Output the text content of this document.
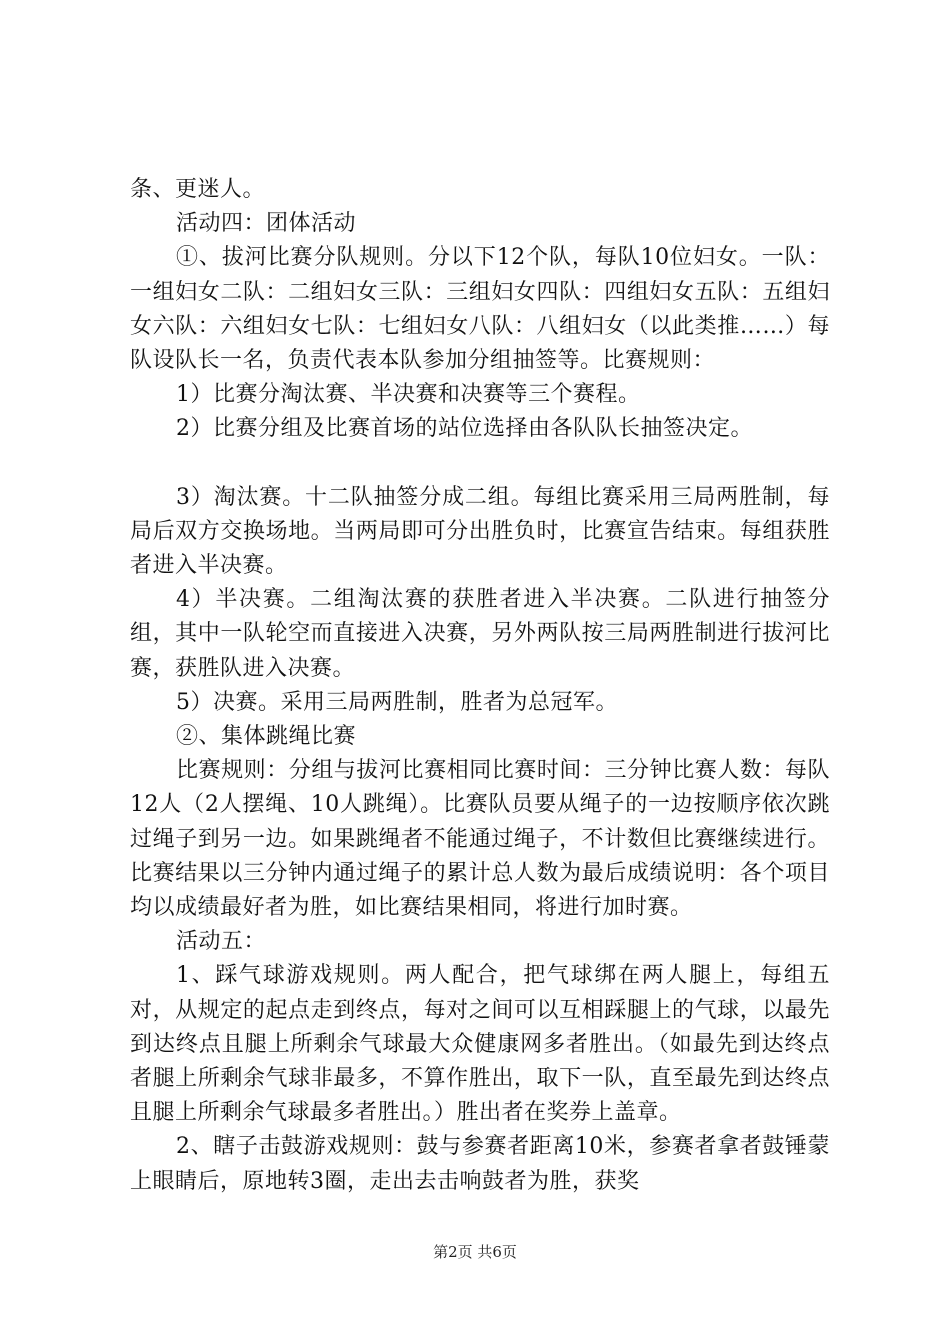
条、更迷人。

活动四：团体活动

①、拔河比赛分队规则。分以下12个队，每队10位妇女。一队：一组妇女二队：二组妇女三队：三组妇女四队：四组妇女五队：五组妇女六队：六组妇女七队：七组妇女八队：八组妇女（以此类推……）每队设队长一名，负责代表本队参加分组抽签等。比赛规则：

1）比赛分淘汰赛、半决赛和决赛等三个赛程。

2）比赛分组及比赛首场的站位选择由各队队长抽签决定。

3）淘汰赛。十二队抽签分成二组。每组比赛采用三局两胜制，每局后双方交换场地。当两局即可分出胜负时，比赛宣告结束。每组获胜者进入半决赛。

4）半决赛。二组淘汰赛的获胜者进入半决赛。二队进行抽签分组，其中一队轮空而直接进入决赛，另外两队按三局两胜制进行拔河比赛，获胜队进入决赛。

5）决赛。采用三局两胜制，胜者为总冠军。

②、集体跳绳比赛

比赛规则：分组与拔河比赛相同比赛时间：三分钟比赛人数：每队12人（2人摆绳、10人跳绳）。比赛队员要从绳子的一边按顺序依次跳过绳子到另一边。如果跳绳者不能通过绳子，不计数但比赛继续进行。比赛结果以三分钟内通过绳子的累计总人数为最后成绩说明：各个项目均以成绩最好者为胜，如比赛结果相同，将进行加时赛。

活动五：

1、踩气球游戏规则。两人配合，把气球绑在两人腿上，每组五对，从规定的起点走到终点，每对之间可以互相踩腿上的气球，以最先到达终点且腿上所剩余气球最大众健康网多者胜出。（如最先到达终点者腿上所剩余气球非最多，不算作胜出，取下一队，直至最先到达终点且腿上所剩余气球最多者胜出。）胜出者在奖券上盖章。

2、瞎子击鼓游戏规则：鼓与参赛者距离10米，参赛者拿者鼓锤蒙上眼睛后，原地转3圈，走出去击响鼓者为胜，获奖

第2页 共6页
